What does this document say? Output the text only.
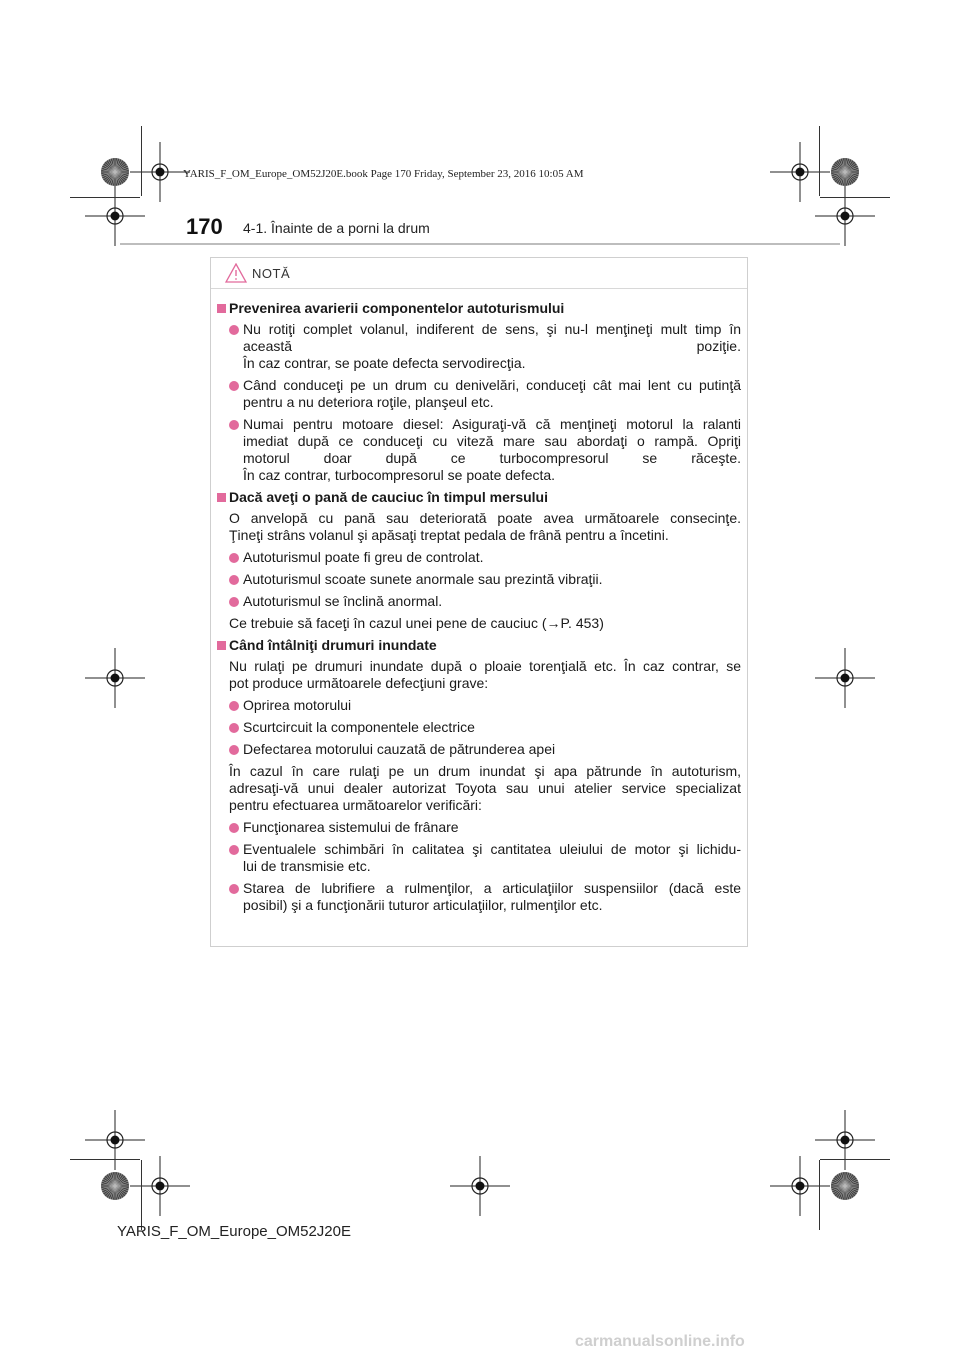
YARIS_F_OM_Europe_OM52J20E.book Page 170 Friday, September 23, 2016 10:05 AM
170 4-1. Înainte de a porni la drum
NOTĂ
Prevenirea avarierii componentelor autoturismului
Nu rotiţi complet volanul, indiferent de sens, şi nu-l menţineţi mult timp în
această poziţie.
În caz contrar, se poate defecta servodirecţia.
Când conduceţi pe un drum cu denivelări, conduceţi cât mai lent cu putinţă
pentru a nu deteriora roţile, planşeul etc.
Numai pentru motoare diesel: Asiguraţi-vă că menţineţi motorul la ralanti
imediat după ce conduceţi cu viteză mare sau abordaţi o rampă. Opriţi
motorul doar după ce turbocompresorul se răceşte.
În caz contrar, turbocompresorul se poate defecta.
Dacă aveţi o pană de cauciuc în timpul mersului
O anvelopă cu pană sau deteriorată poate avea următoarele consecinţe.
Ţineţi strâns volanul şi apăsaţi treptat pedala de frână pentru a încetini.
Autoturismul poate fi greu de controlat.
Autoturismul scoate sunete anormale sau prezintă vibraţii.
Autoturismul se înclină anormal.
Ce trebuie să faceţi în cazul unei pene de cauciuc (→P. 453)
Când întâlniţi drumuri inundate
Nu rulaţi pe drumuri inundate după o ploaie torenţială etc. În caz contrar, se
pot produce următoarele defecţiuni grave:
Oprirea motorului
Scurtcircuit la componentele electrice
Defectarea motorului cauzată de pătrunderea apei
În cazul în care rulaţi pe un drum inundat şi apa pătrunde în autoturism,
adresaţi-vă unui dealer autorizat Toyota sau unui atelier service specializat
pentru efectuarea următoarelor verificări:
Funcţionarea sistemului de frânare
Eventualele schimbări în calitatea şi cantitatea uleiului de motor şi lichidu-
lui de transmisie etc.
Starea de lubrifiere a rulmenţilor, a articulaţiilor suspensiilor (dacă este
posibil) şi a funcţionării tuturor articulaţiilor, rulmenţilor etc.
YARIS_F_OM_Europe_OM52J20E
carmanualsonline.info
